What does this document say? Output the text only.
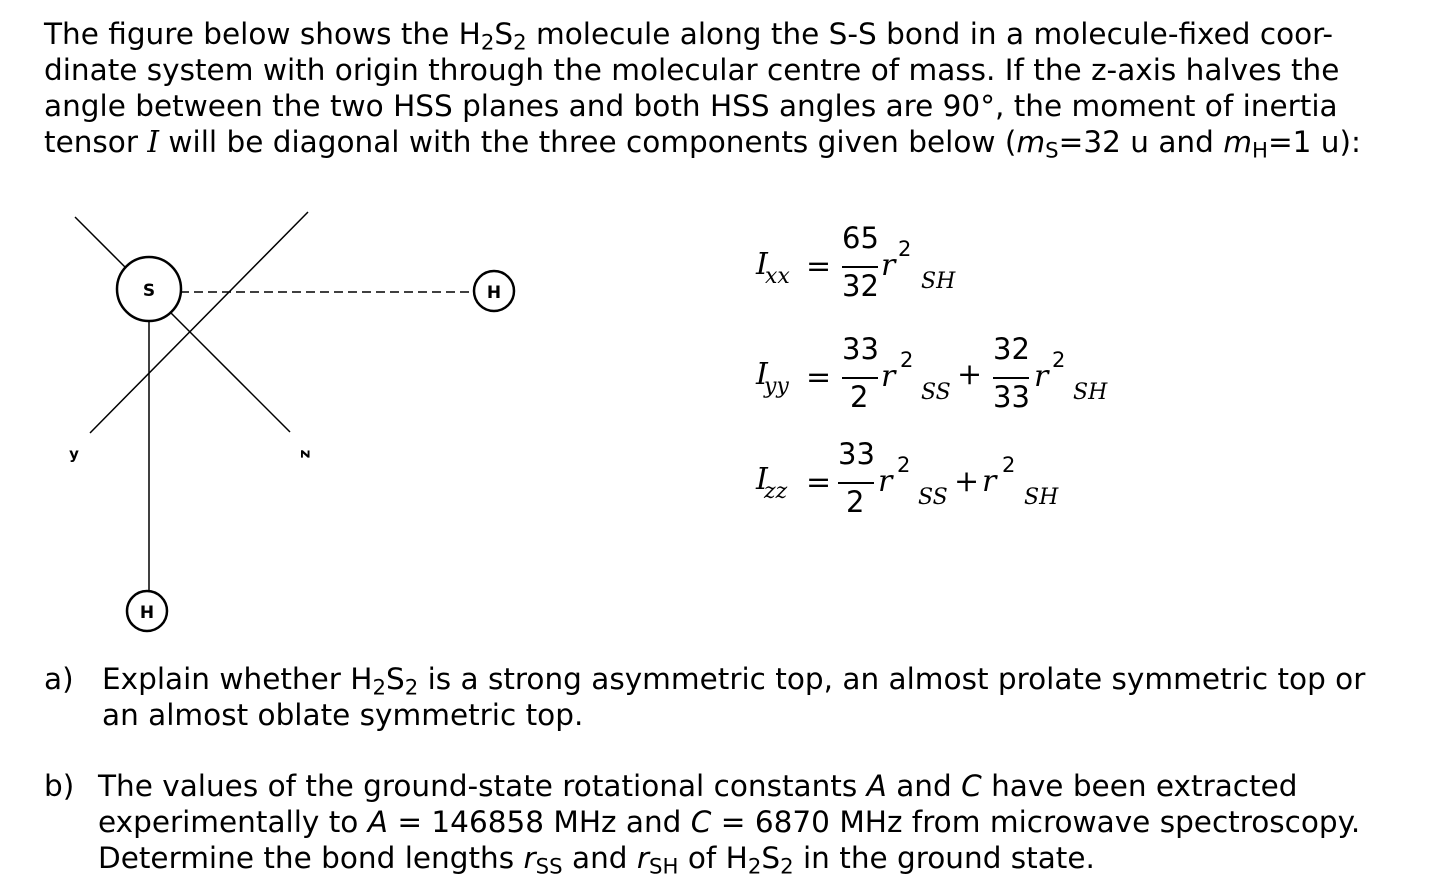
The figure below shows the $H_2S_2$ molecule along the S-S bond in a molecule-fixed coor-
dinate system with origin through the molecular centre of mass. If the z-axis halves the
angle between the two HSS planes and both HSS angles are 90°, the moment of inertia
tensor I will be diagonal with the three components given below ($m_S=32$ u and $m_H=1$ u):
S	H
H
y	z
I
xx =
65
32
r 2
SH
I
yy =
33
2
r 2
SS
+
32
33
r 2
SH
I
zz =
33
2
r 2
SS + r 2
SH
a) Explain whether $H_2S_2$ is a strong asymmetric top, an almost prolate symmetric top or
an almost oblate symmetric top.
b) The values of the ground-state rotational constants A and C have been extracted
experimentally to A = 146858 MHz and C = 6870 MHz from microwave spectroscopy.
Determine the bond lengths $r_{SS}$ and $r_{SH}$ of $H_2S_2$ in the ground state.
